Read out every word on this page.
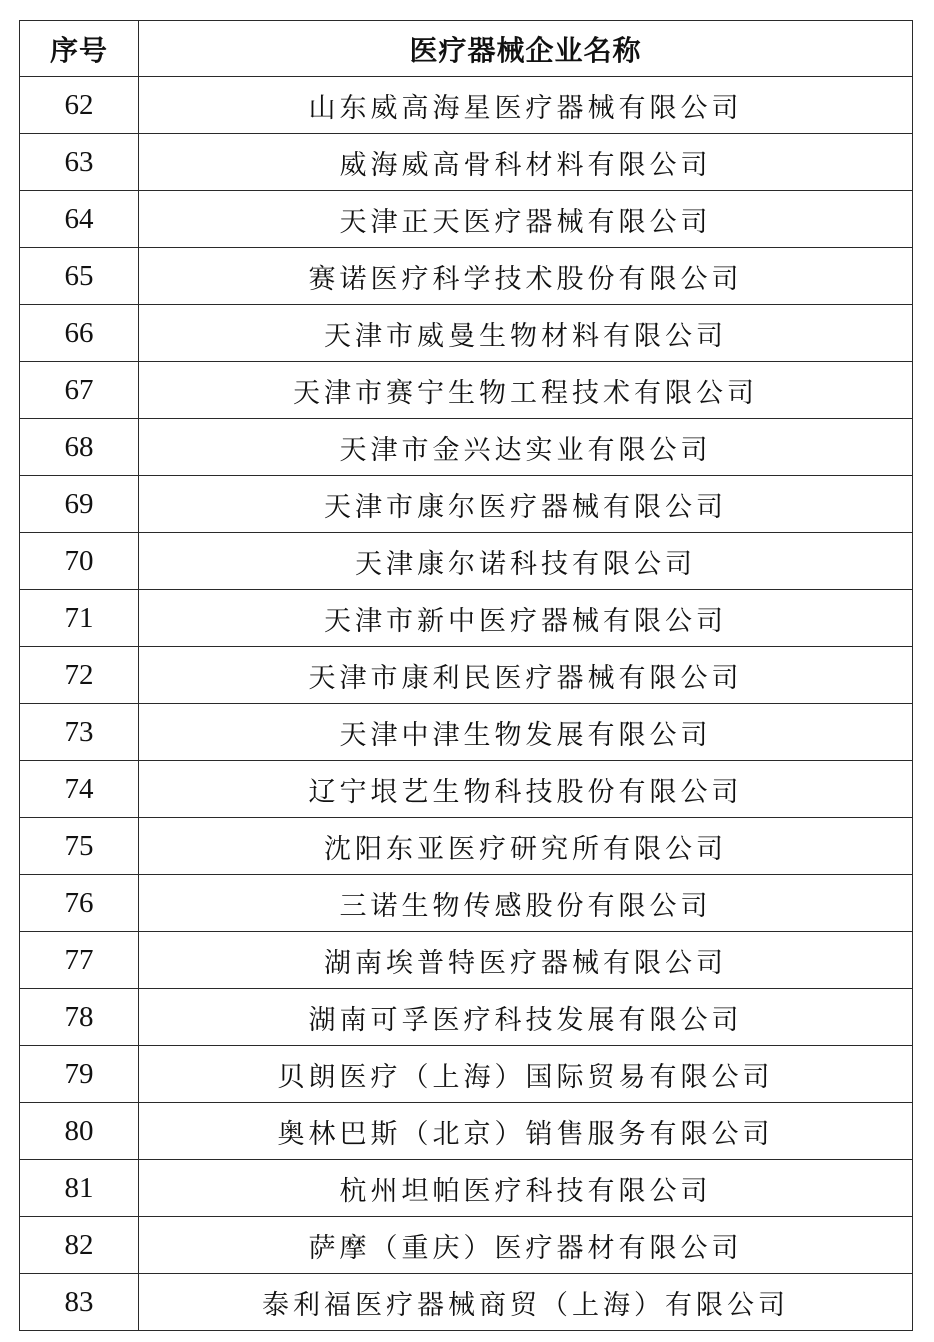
序号	医疗器械企业名称
62	山东威高海星医疗器械有限公司
63	威海威高骨科材料有限公司
64	天津正天医疗器械有限公司
65	赛诺医疗科学技术股份有限公司
66	天津市威曼生物材料有限公司
67	天津市赛宁生物工程技术有限公司
68	天津市金兴达实业有限公司
69	天津市康尔医疗器械有限公司
70	天津康尔诺科技有限公司
71	天津市新中医疗器械有限公司
72	天津市康利民医疗器械有限公司
73	天津中津生物发展有限公司
74	辽宁垠艺生物科技股份有限公司
75	沈阳东亚医疗研究所有限公司
76	三诺生物传感股份有限公司
77	湖南埃普特医疗器械有限公司
78	湖南可孚医疗科技发展有限公司
79	贝朗医疗（上海）国际贸易有限公司
80	奥林巴斯（北京）销售服务有限公司
81	杭州坦帕医疗科技有限公司
82	萨摩（重庆）医疗器材有限公司
83	泰利福医疗器械商贸（上海）有限公司
